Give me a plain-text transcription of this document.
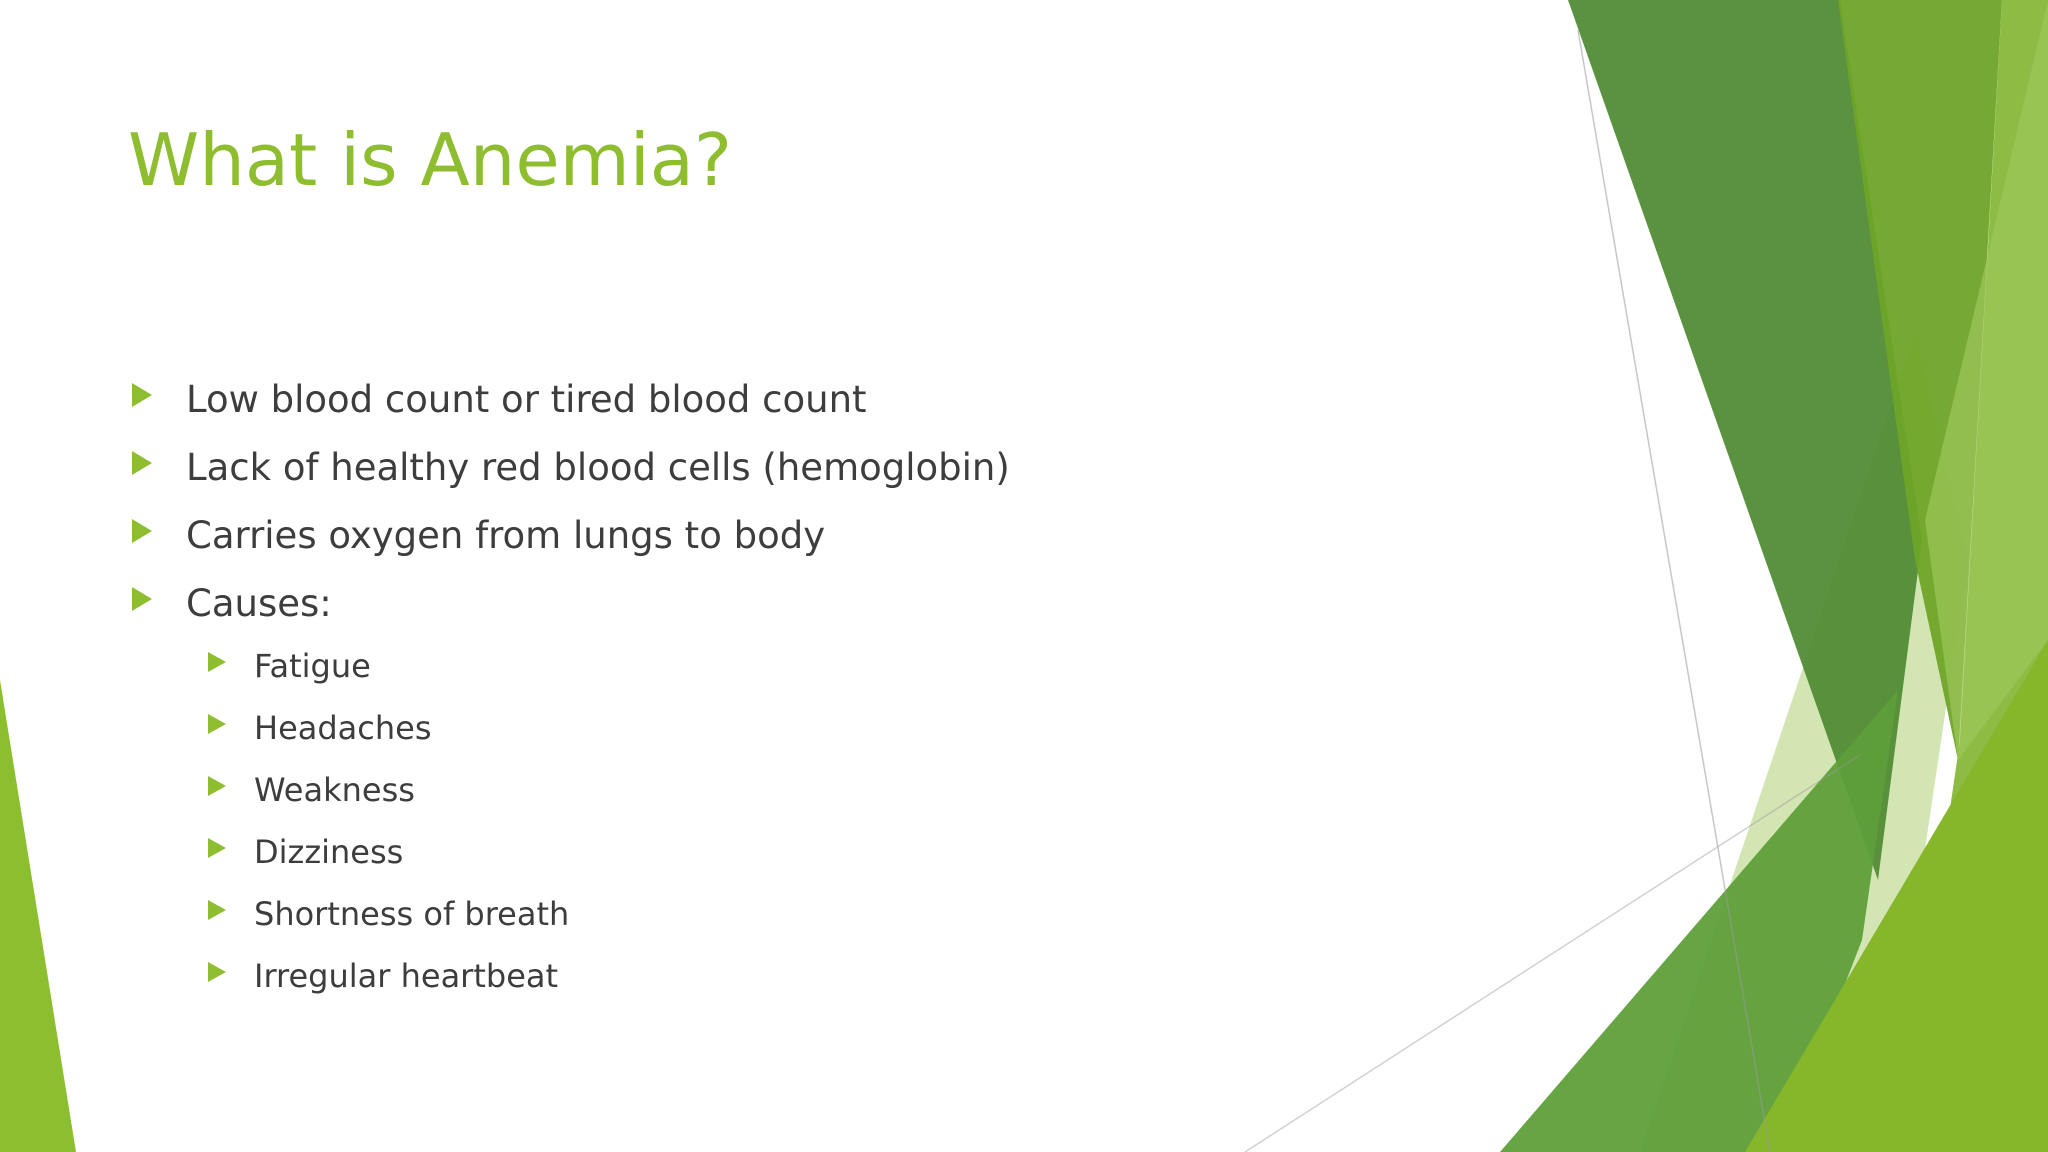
What is Anemia?
Low blood count or tired blood count
Lack of healthy red blood cells (hemoglobin)
Carries oxygen from lungs to body
Causes:
Fatigue
Headaches
Weakness
Dizziness
Shortness of breath
Irregular heartbeat
